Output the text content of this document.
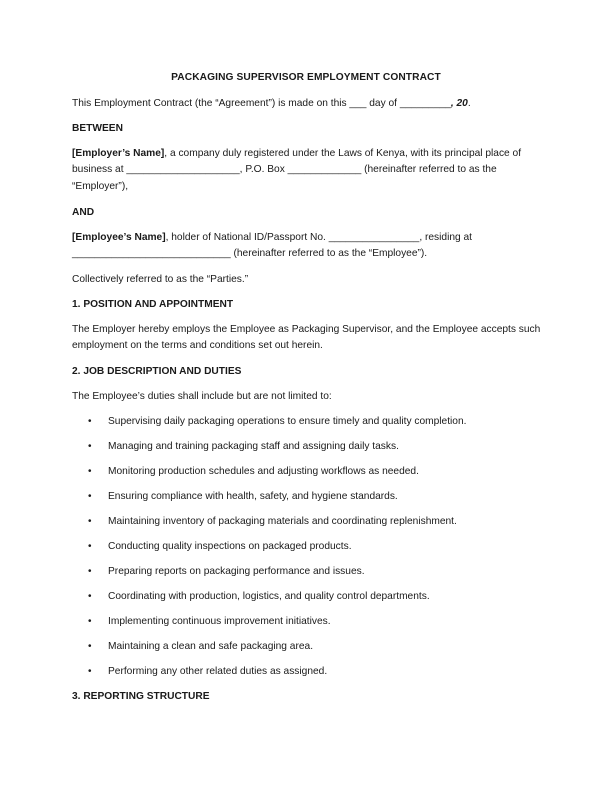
PACKAGING SUPERVISOR EMPLOYMENT CONTRACT
This Employment Contract (the “Agreement”) is made on this ___ day of _________, 20.
BETWEEN
[Employer’s Name], a company duly registered under the Laws of Kenya, with its principal place of business at ____________________, P.O. Box _____________ (hereinafter referred to as the “Employer”),
AND
[Employee’s Name], holder of National ID/Passport No. ________________, residing at ____________________________ (hereinafter referred to as the “Employee”).
Collectively referred to as the “Parties.”
1. POSITION AND APPOINTMENT
The Employer hereby employs the Employee as Packaging Supervisor, and the Employee accepts such employment on the terms and conditions set out herein.
2. JOB DESCRIPTION AND DUTIES
The Employee’s duties shall include but are not limited to:
• Supervising daily packaging operations to ensure timely and quality completion.
• Managing and training packaging staff and assigning daily tasks.
• Monitoring production schedules and adjusting workflows as needed.
• Ensuring compliance with health, safety, and hygiene standards.
• Maintaining inventory of packaging materials and coordinating replenishment.
• Conducting quality inspections on packaged products.
• Preparing reports on packaging performance and issues.
• Coordinating with production, logistics, and quality control departments.
• Implementing continuous improvement initiatives.
• Maintaining a clean and safe packaging area.
• Performing any other related duties as assigned.
3. REPORTING STRUCTURE
